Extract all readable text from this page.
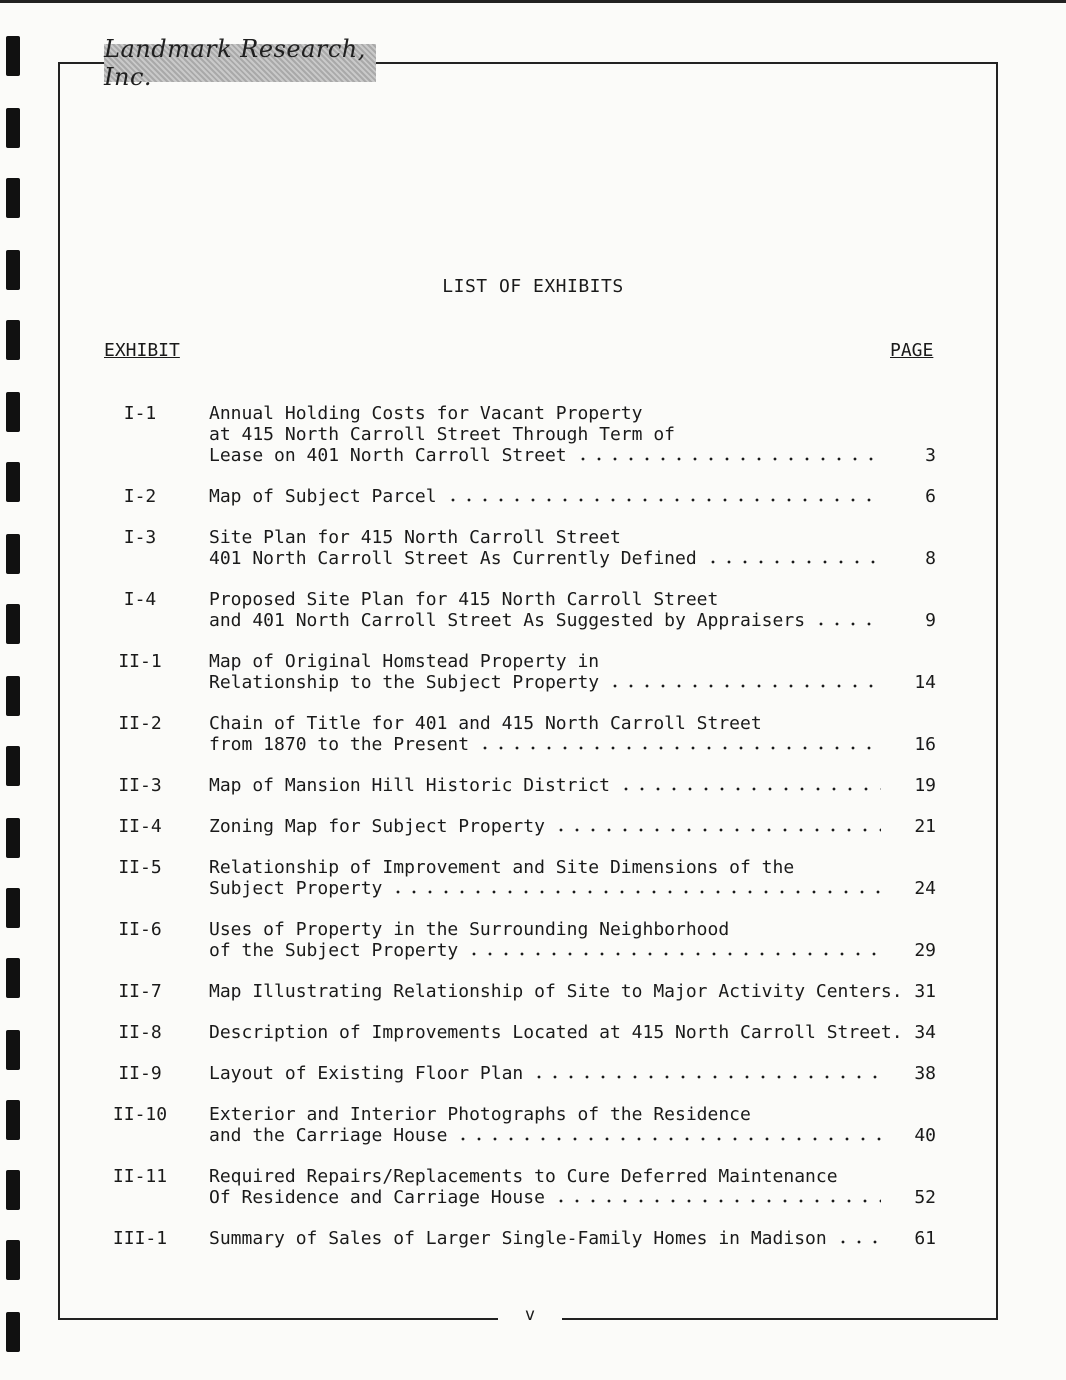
Landmark Research, Inc.
LIST OF EXHIBITS
EXHIBIT	PAGE
I-1	Annual Holding Costs for Vacant Property
at 415 North Carroll Street Through Term of
Lease on 401 North Carroll Street	3
I-2	Map of Subject Parcel	6
I-3	Site Plan for 415 North Carroll Street
401 North Carroll Street As Currently Defined	8
I-4	Proposed Site Plan for 415 North Carroll Street
and 401 North Carroll Street As Suggested by Appraisers	9
II-1	Map of Original Homstead Property in
Relationship to the Subject Property	14
II-2	Chain of Title for 401 and 415 North Carroll Street
from 1870 to the Present	16
II-3	Map of Mansion Hill Historic District	19
II-4	Zoning Map for Subject Property	21
II-5	Relationship of Improvement and Site Dimensions of the
Subject Property	24
II-6	Uses of Property in the Surrounding Neighborhood
of the Subject Property	29
II-7	Map Illustrating Relationship of Site to Major Activity Centers. 31
II-8	Description of Improvements Located at 415 North Carroll Street. 34
II-9	Layout of Existing Floor Plan	38
II-10	Exterior and Interior Photographs of the Residence
and the Carriage House	40
II-11	Required Repairs/Replacements to Cure Deferred Maintenance
Of Residence and Carriage House	52
III-1	Summary of Sales of Larger Single-Family Homes in Madison	61
v
